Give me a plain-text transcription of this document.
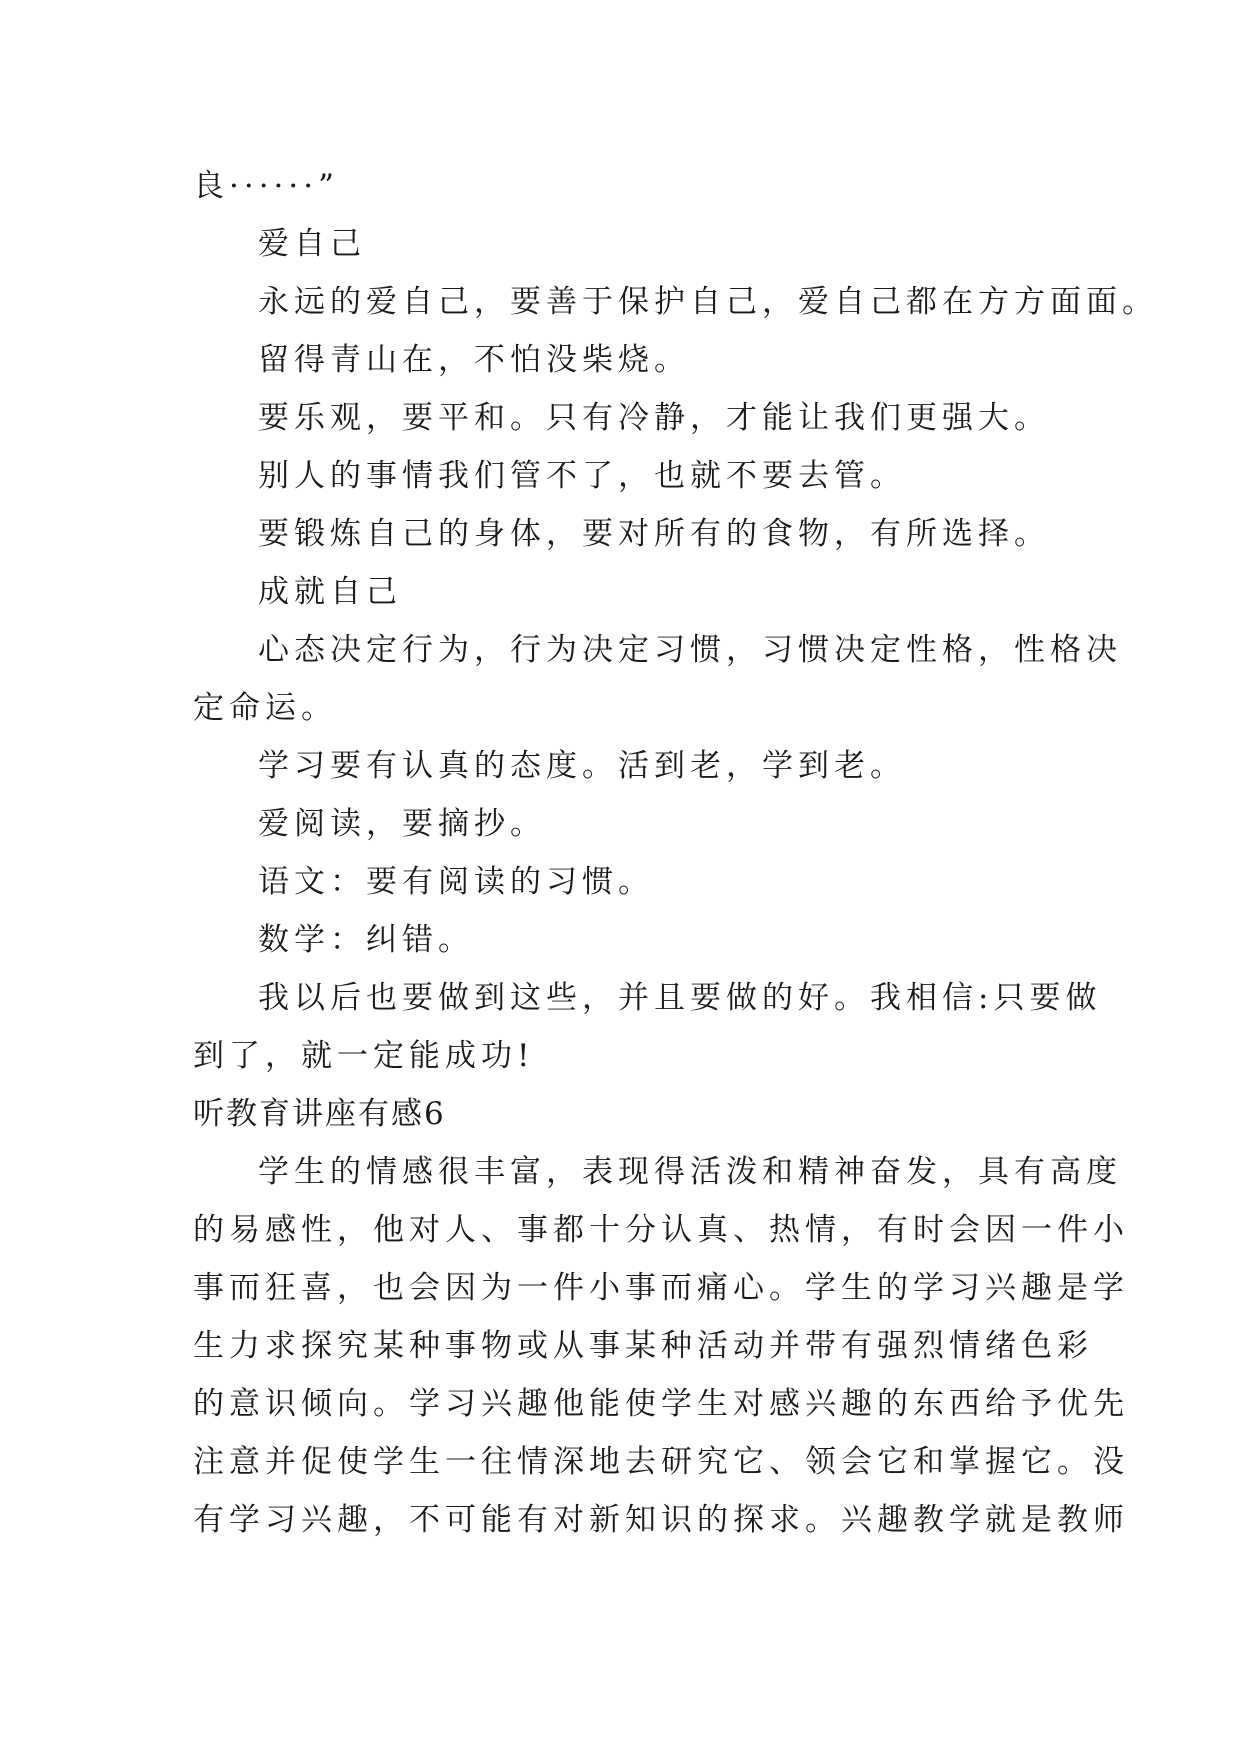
良······”
爱自己
永远的爱自己，要善于保护自己，爱自己都在方方面面。
留得青山在，不怕没柴烧。
要乐观，要平和。只有冷静，才能让我们更强大。
别人的事情我们管不了，也就不要去管。
要锻炼自己的身体，要对所有的食物，有所选择。
成就自己
心态决定行为，行为决定习惯，习惯决定性格，性格决
定命运。
学习要有认真的态度。活到老，学到老。
爱阅读，要摘抄。
语文：要有阅读的习惯。
数学：纠错。
我以后也要做到这些，并且要做的好。我相信:只要做
到了，就一定能成功!
听教育讲座有感6
学生的情感很丰富，表现得活泼和精神奋发，具有高度
的易感性，他对人、事都十分认真、热情，有时会因一件小
事而狂喜，也会因为一件小事而痛心。学生的学习兴趣是学
生力求探究某种事物或从事某种活动并带有强烈情绪色彩
的意识倾向。学习兴趣他能使学生对感兴趣的东西给予优先
注意并促使学生一往情深地去研究它、领会它和掌握它。没
有学习兴趣，不可能有对新知识的探求。兴趣教学就是教师
